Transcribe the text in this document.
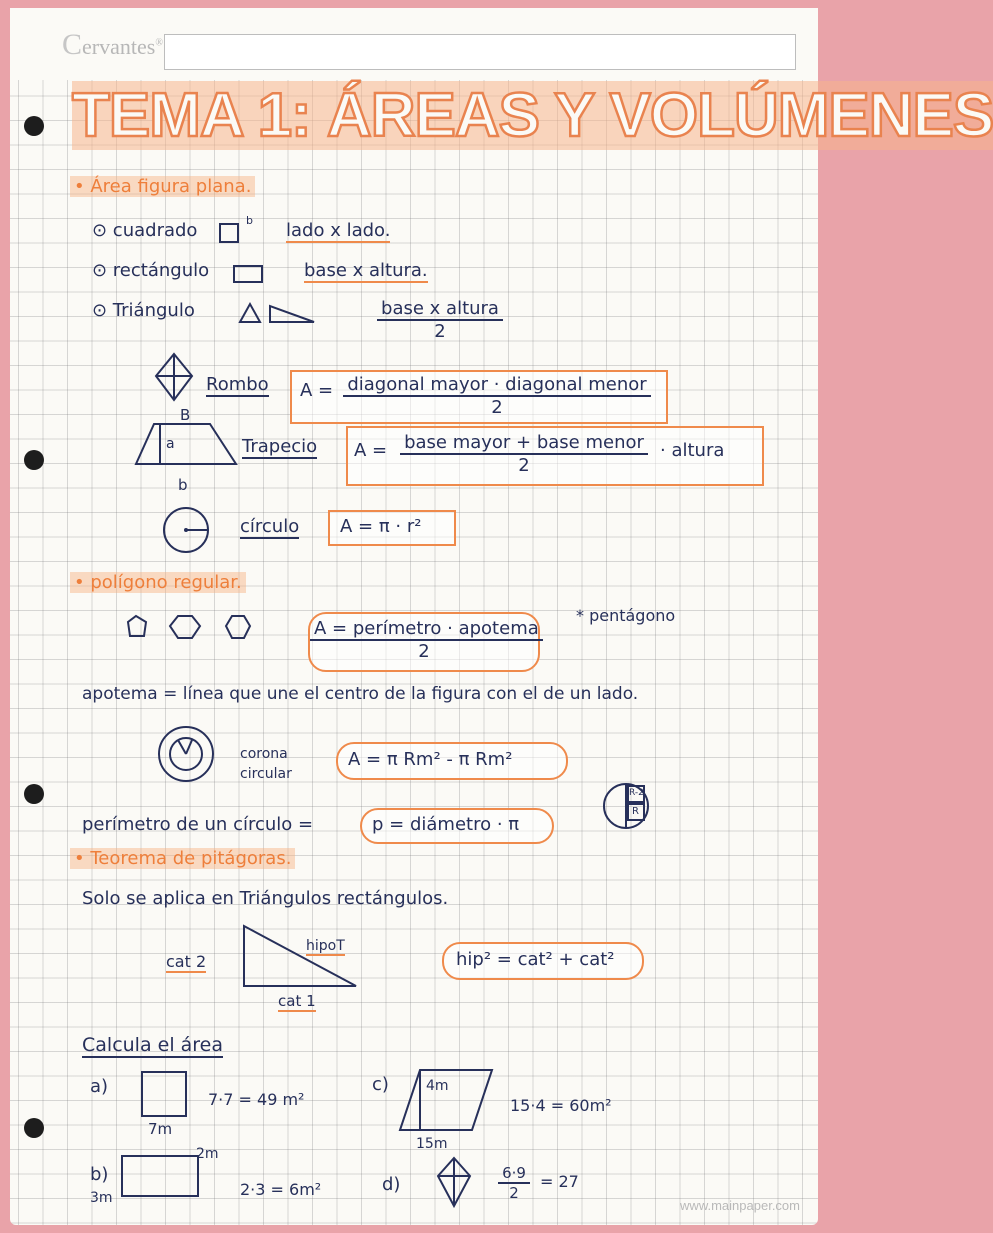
Cervantes®
TEMA 1: ÁREAS Y VOLÚMENES
• Área figura plana.
⊙ cuadrado	b lado x lado.
⊙ rectángulo	base x altura.
⊙ Triángulo	base x altura
2
Rombo A = diagonal mayor · diagonal menor
2
B
a
b
Trapecio A = base mayor + base menor
2
· altura
círculo A = π · r²
• polígono regular.
A = perímetro · apotema
2
* pentágono
apotema = línea que une el centro de la figura con el de un lado.
corona
circular
A = π Rm² - π Rm²
perímetro de un círculo =	p = diámetro · π
R-2
R
• Teorema de pitágoras.
Solo se aplica en Triángulos rectángulos.
cat 2
hipoT
cat 1
hip² = cat² + cat²
Calcula el área
a)
7m
7·7 = 49 m²
c)	4m
15m
15·4 = 60m²
b)
2m
3m	2·3 = 6m²	d)	$\frac{6\cdot 9}{2} = 27$
www.mainpaper.com
